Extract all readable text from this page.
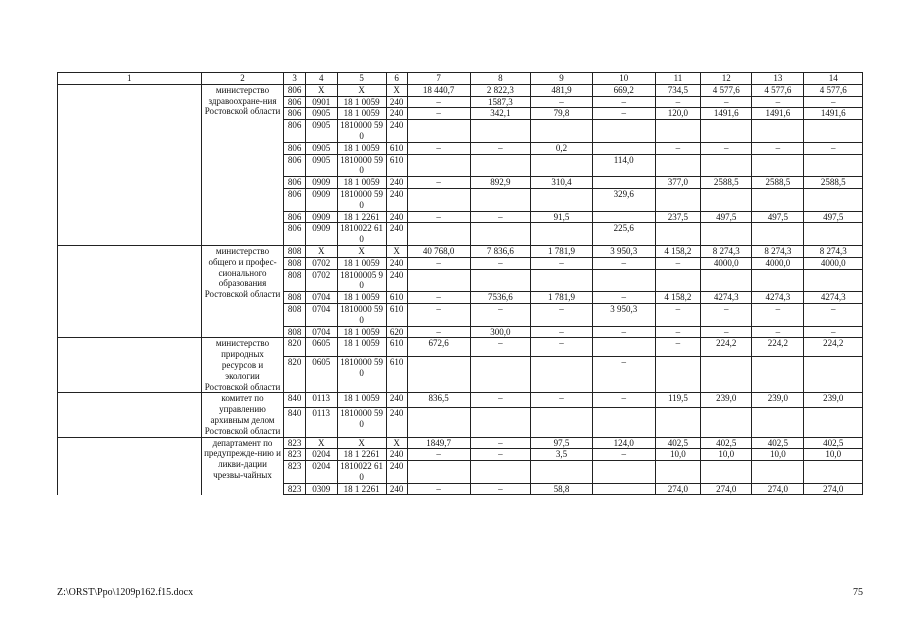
1	2	3	4	5	6	7	8	9	10	11	12	13	14
	министерство здравоохране-ния Ростовской области	806	Х	Х	Х	18 440,7	2 822,3	481,9	669,2	734,5	4 577,6	4 577,6	4 577,6
		806	0901	18 1 0059	240	–	1587,3	–	–	–	–	–	–
		806	0905	18 1 0059	240	–	342,1	79,8	–	120,0	1491,6	1491,6	1491,6
		806	0905	1810000 590	240								
		806	0905	18 1 0059	610	–	–	0,2		–	–	–	–
		806	0905	1810000 590	610				114,0				
		806	0909	18 1 0059	240	–	892,9	310,4		377,0	2588,5	2588,5	2588,5
		806	0909	1810000 590	240				329,6				
		806	0909	18 1 2261	240	–	–	91,5		237,5	497,5	497,5	497,5
		806	0909	1810022 610	240				225,6				
	министерство общего и профес-сионального образования Ростовской области	808	Х	Х	Х	40 768,0	7 836,6	1 781,9	3 950,3	4 158,2	8 274,3	8 274,3	8 274,3
		808	0702	18 1 0059	240	–	–	–	–	–	4000,0	4000,0	4000,0
		808	0702	18100005 90	240								
		808	0704	18 1 0059	610	–	7536,6	1 781,9	–	4 158,2	4274,3	4274,3	4274,3
		808	0704	1810000 590	610	–	–	–	3 950,3	–	–	–	–
		808	0704	18 1 0059	620	–	300,0	–	–	–	–	–	–
	министерство природных ресурсов и экологии Ростовской области	820	0605	18 1 0059	610	672,6	–	–		–	224,2	224,2	224,2
		820	0605	1810000 590	610				–				
	комитет по управлению архивным делом Ростовской области	840	0113	18 1 0059	240	836,5	–	–	–	119,5	239,0	239,0	239,0
		840	0113	1810000 590	240								
	департамент по предупрежде-нию и ликви-дации чрезвы-чайных	823	Х	Х	Х	1849,7	–	97,5	124,0	402,5	402,5	402,5	402,5
		823	0204	18 1 2261	240	–	–	3,5	–	10,0	10,0	10,0	10,0
		823	0204	1810022 610	240								
		823	0309	18 1 2261	240	–	–	58,8		274,0	274,0	274,0	274,0
Z:\ORST\Ppo\1209p162.f15.docx	75
